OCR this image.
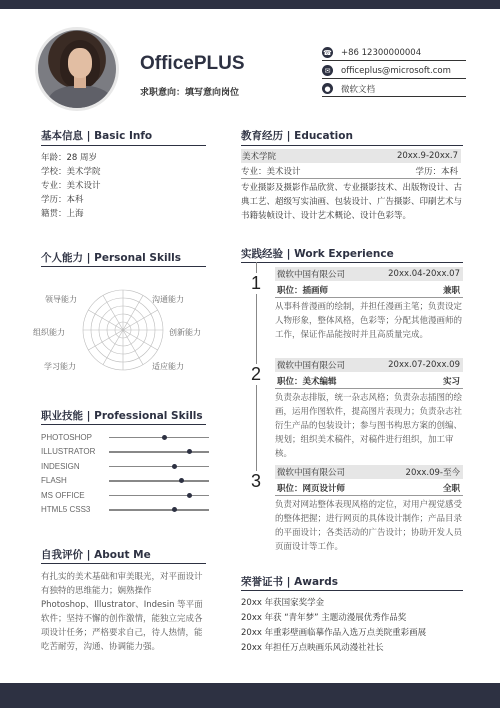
OfficePLUS
求职意向：填写意向岗位
☎ +86 12300000004
✉	officeplus@microsoft.com
● 微软文档
基本信息 | Basic Info
年龄：28 周岁
学校：美术学院
专业：美术设计
学历：本科
籍贯：上海
个人能力 | Personal Skills
沟通能力
创新能力
适应能力
学习能力
组织能力
领导能力
职业技能 | Professional Skills
PHOTOSHOP
ILLUSTRATOR
INDESIGN
FLASH
MS OFFICE
HTML5 CSS3
自我评价 | About Me
有扎实的美术基础和审美眼光，对平面设计有独特的思维能力；娴熟操作 Photoshop、Illustrator、Indesin 等平面软件；坚持不懈的创作激情，能独立完成各项设计任务；严格要求自己，待人热情，能吃苦耐劳，沟通、协调能力强。
教育经历 | Education
美术学院	20xx.9-20xx.7
专业：美术设计	学历：本科
专业摄影及摄影作品欣赏、专业摄影技术、出版物设计、古典工艺、超级写实油画、包装设计、广告摄影、印刷艺术与书籍装帧设计、设计艺术概论、设计色彩等。
实践经验 | Work Experience
1	微软中国有限公司	20xx.04-20xx.07
职位：插画师	兼职
从事科普漫画的绘制，并担任漫画主笔；负责设定人物形象，整体风格，色彩等；分配其他漫画师的工作，保证作品能按时并且高质量完成。
2	微软中国有限公司	20xx.07-20xx.09
职位：美术编辑	实习
负责杂志排版，统一杂志风格；负责杂志插图的绘画，运用作图软件，提高图片表现力；负责杂志社衍生产品的包装设计；参与图书构思方案的创编、规划；组织美术稿件，对稿件进行组织，加工审核。
3	微软中国有限公司	20xx.09-至今
职位：网页设计师	全职
负责对网站整体表现风格的定位，对用户视觉感受的整体把握；进行网页的具体设计制作；产品目录的平面设计；各类活动的广告设计；协助开发人员页面设计等工作。
荣誉证书 | Awards
20xx 年获国家奖学金
20xx 年获 “青年梦” 主题动漫展优秀作品奖
20xx 年重彩壁画临摹作品入选万点美院重彩画展
20xx 年担任万点映画乐风动漫社社长
